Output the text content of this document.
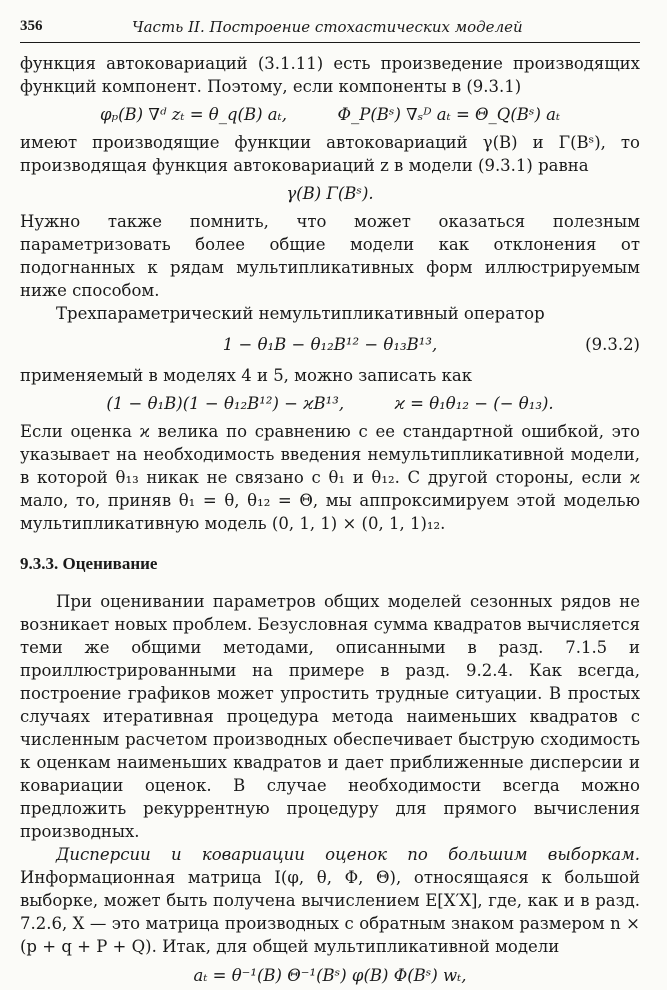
356	Часть II. Построение стохастических моделей

функция автоковариаций (3.1.11) есть произведение производящих функций компонент. Поэтому, если компоненты в (9.3.1)

φₚ(B) ∇ᵈ zₜ = θ_q(B) aₜ,	Φ_P(Bˢ) ∇ₛᴰ aₜ = Θ_Q(Bˢ) aₜ

имеют производящие функции автоковариаций γ(B) и Γ(Bˢ), то производящая функция автоковариаций z в модели (9.3.1) равна

γ(B) Γ(Bˢ).

Нужно также помнить, что может оказаться полезным параметризовать более общие модели как отклонения от подогнанных к рядам мультипликативных форм иллюстрируемым ниже способом.

Трехпараметрический немультипликативный оператор

1 − θ₁B − θ₁₂B¹² − θ₁₃B¹³,	(9.3.2)

применяемый в моделях 4 и 5, можно записать как

(1 − θ₁B)(1 − θ₁₂B¹²) − ϰB¹³,	ϰ = θ₁θ₁₂ − (− θ₁₃).

Если оценка ϰ велика по сравнению с ее стандартной ошибкой, это указывает на необходимость введения немультипликативной модели, в которой θ₁₃ никак не связано с θ₁ и θ₁₂. С другой стороны, если ϰ мало, то, приняв θ₁ = θ, θ₁₂ = Θ, мы аппроксимируем этой моделью мультипликативную модель (0, 1, 1) × (0, 1, 1)₁₂.

9.3.3. Оценивание

При оценивании параметров общих моделей сезонных рядов не возникает новых проблем. Безусловная сумма квадратов вычисляется теми же общими методами, описанными в разд. 7.1.5 и проиллюстрированными на примере в разд. 9.2.4. Как всегда, построение графиков может упростить трудные ситуации. В простых случаях итеративная процедура метода наименьших квадратов с численным расчетом производных обеспечивает быструю сходимость к оценкам наименьших квадратов и дает приближенные дисперсии и ковариации оценок. В случае необходимости всегда можно предложить рекуррентную процедуру для прямого вычисления производных.

Дисперсии и ковариации оценок по большим выборкам. Информационная матрица I(φ, θ, Φ, Θ), относящаяся к большой выборке, может быть получена вычислением E[X′X], где, как и в разд. 7.2.6, X — это матрица производных с обратным знаком размером n × (p + q + P + Q). Итак, для общей мультипликативной модели

aₜ = θ⁻¹(B) Θ⁻¹(Bˢ) φ(B) Φ(Bˢ) wₜ,
